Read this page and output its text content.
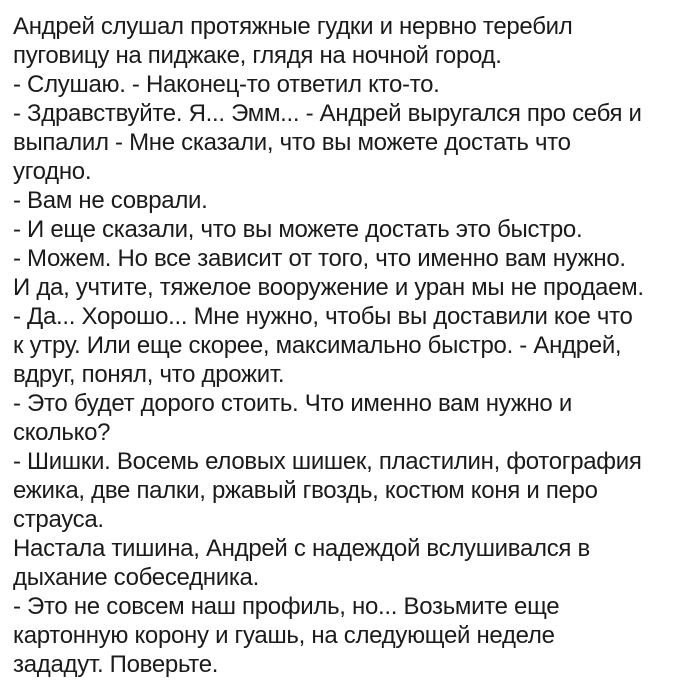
Андрей слушал протяжные гудки и нервно теребил
пуговицу на пиджаке, глядя на ночной город.
- Слушаю. - Наконец-то ответил кто-то.
- Здравствуйте. Я... Эмм... - Андрей выругался про себя и
выпалил - Мне сказали, что вы можете достать что
угодно.
- Вам не соврали.
- И еще сказали, что вы можете достать это быстро.
- Можем. Но все зависит от того, что именно вам нужно.
И да, учтите, тяжелое вооружение и уран мы не продаем.
- Да... Хорошо... Мне нужно, чтобы вы доставили кое что
к утру. Или еще скорее, максимально быстро. - Андрей,
вдруг, понял, что дрожит.
- Это будет дорого стоить. Что именно вам нужно и
сколько?
- Шишки. Восемь еловых шишек, пластилин, фотография
ежика, две палки, ржавый гвоздь, костюм коня и перо
страуса.
Настала тишина, Андрей с надеждой вслушивался в
дыхание собеседника.
- Это не совсем наш профиль, но... Возьмите еще
картонную корону и гуашь, на следующей неделе
зададут. Поверьте.
